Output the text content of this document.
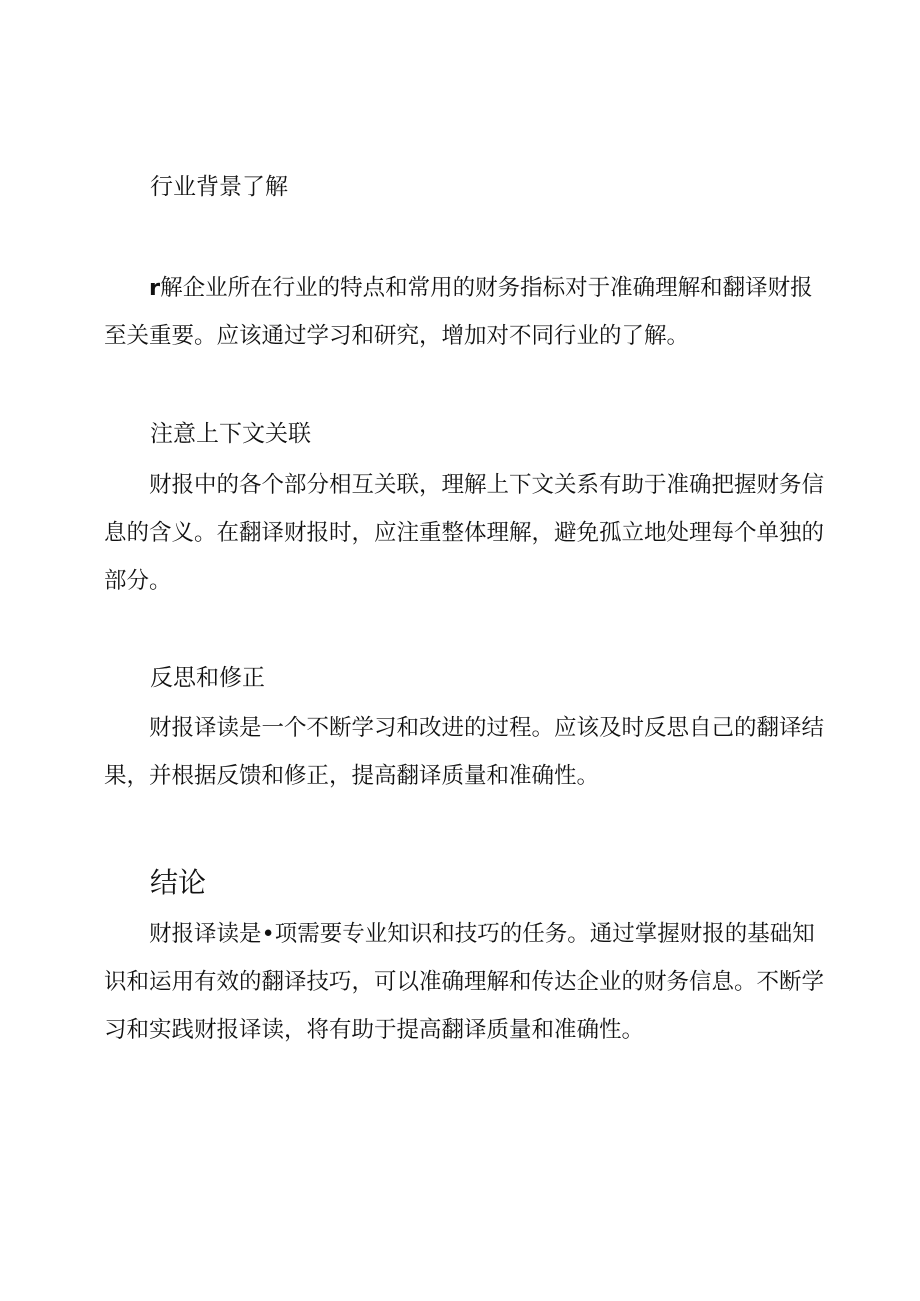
行业背景了解

r解企业所在行业的特点和常用的财务指标对于准确理解和翻译财报至关重要。应该通过学习和研究，增加对不同行业的了解。

注意上下文关联

财报中的各个部分相互关联，理解上下文关系有助于准确把握财务信息的含义。在翻译财报时，应注重整体理解，避免孤立地处理每个单独的部分。

反思和修正

财报译读是一个不断学习和改进的过程。应该及时反思自己的翻译结果，并根据反馈和修正，提高翻译质量和准确性。

结论

财报译读是•项需要专业知识和技巧的任务。通过掌握财报的基础知识和运用有效的翻译技巧，可以准确理解和传达企业的财务信息。不断学习和实践财报译读，将有助于提高翻译质量和准确性。
